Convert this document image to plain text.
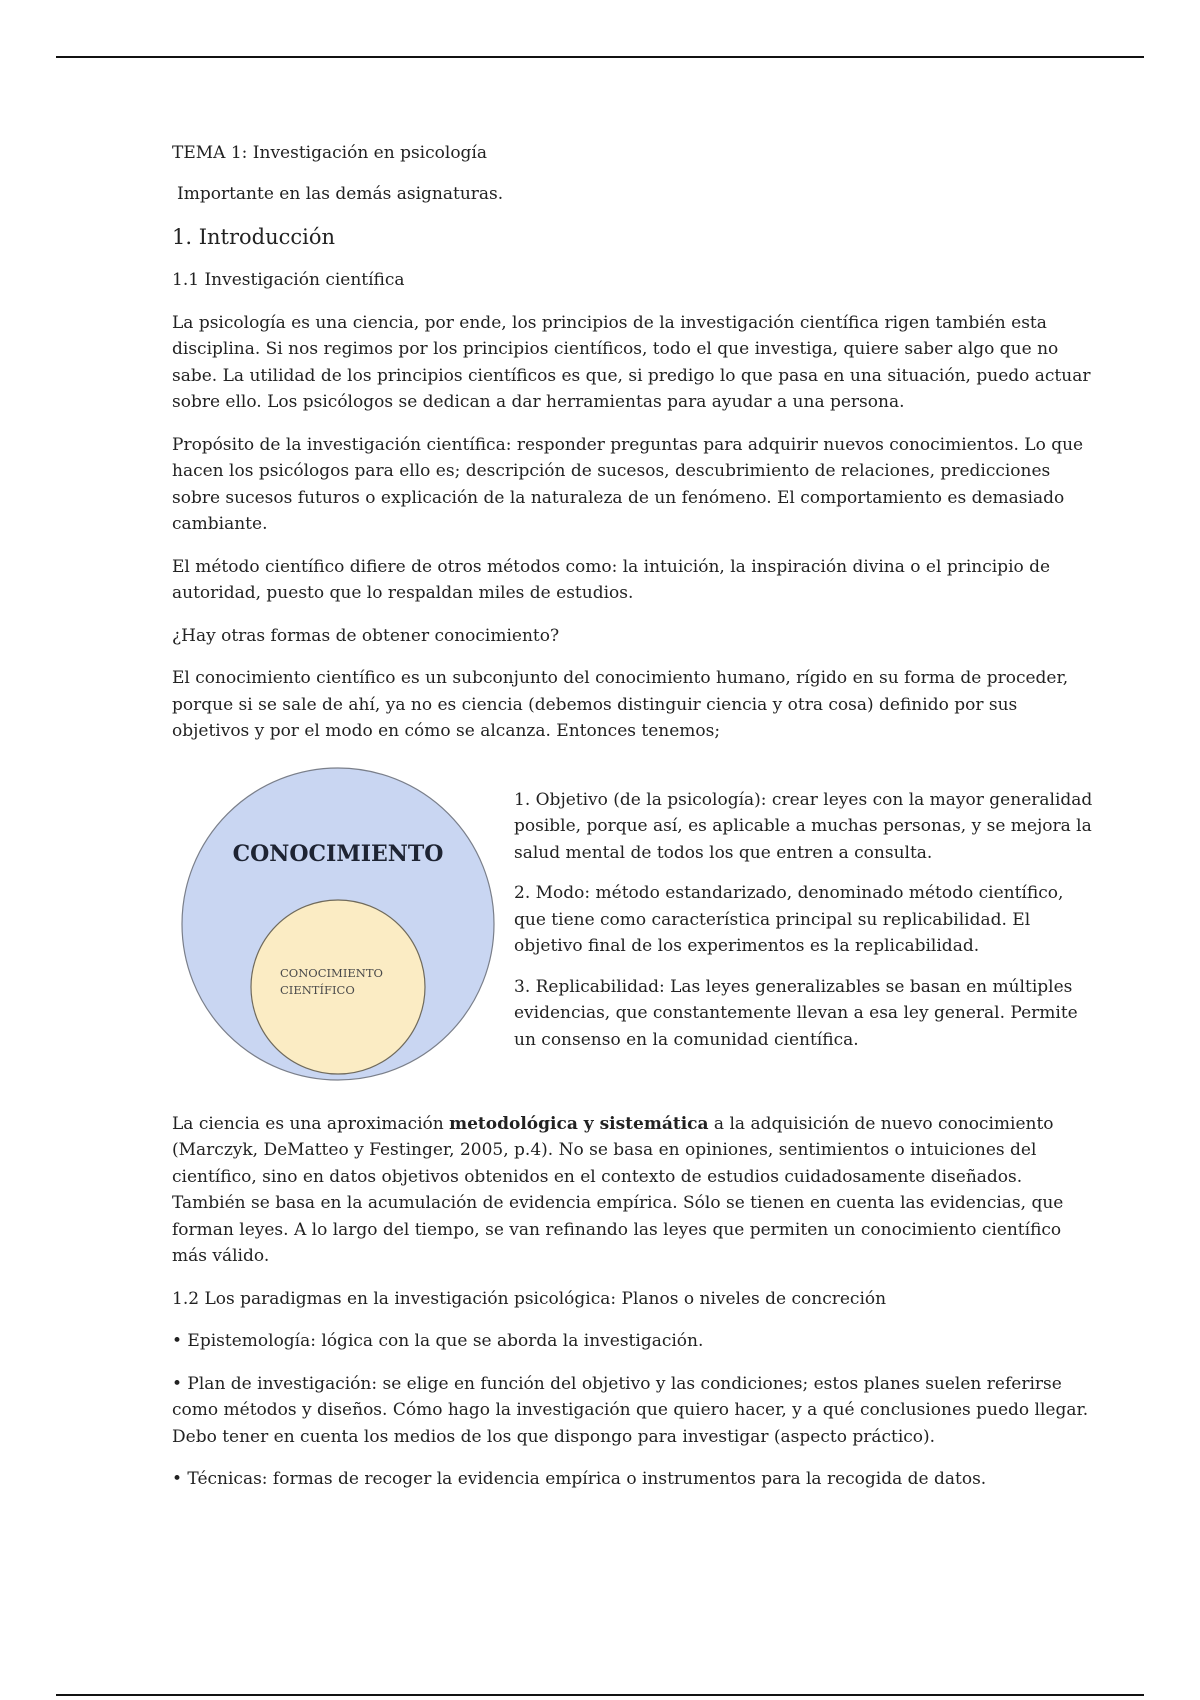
TEMA 1: Investigación en psicología

Importante en las demás asignaturas.

1. Introducción

1.1 Investigación científica

La psicología es una ciencia, por ende, los principios de la investigación científica rigen también esta disciplina. Si nos regimos por los principios científicos, todo el que investiga, quiere saber algo que no sabe. La utilidad de los principios científicos es que, si predigo lo que pasa en una situación, puedo actuar sobre ello. Los psicólogos se dedican a dar herramientas para ayudar a una persona.

Propósito de la investigación científica: responder preguntas para adquirir nuevos conocimientos. Lo que hacen los psicólogos para ello es; descripción de sucesos, descubrimiento de relaciones, predicciones sobre sucesos futuros o explicación de la naturaleza de un fenómeno. El comportamiento es demasiado cambiante.

El método científico difiere de otros métodos como: la intuición, la inspiración divina o el principio de autoridad, puesto que lo respaldan miles de estudios.

¿Hay otras formas de obtener conocimiento?

El conocimiento científico es un subconjunto del conocimiento humano, rígido en su forma de proceder, porque si se sale de ahí, ya no es ciencia (debemos distinguir ciencia y otra cosa) definido por sus objetivos y por el modo en cómo se alcanza. Entonces tenemos;

CONOCIMIENTO
CONOCIMIENTO
CIENTÍFICO

1. Objetivo (de la psicología): crear leyes con la mayor generalidad posible, porque así, es aplicable a muchas personas, y se mejora la salud mental de todos los que entren a consulta.

2. Modo: método estandarizado, denominado método científico, que tiene como característica principal su replicabilidad. El objetivo final de los experimentos es la replicabilidad.

3. Replicabilidad: Las leyes generalizables se basan en múltiples evidencias, que constantemente llevan a esa ley general. Permite un consenso en la comunidad científica.

La ciencia es una aproximación metodológica y sistemática a la adquisición de nuevo conocimiento (Marczyk, DeMatteo y Festinger, 2005, p.4). No se basa en opiniones, sentimientos o intuiciones del científico, sino en datos objetivos obtenidos en el contexto de estudios cuidadosamente diseñados. También se basa en la acumulación de evidencia empírica. Sólo se tienen en cuenta las evidencias, que forman leyes. A lo largo del tiempo, se van refinando las leyes que permiten un conocimiento científico más válido.

1.2 Los paradigmas en la investigación psicológica: Planos o niveles de concreción

• Epistemología: lógica con la que se aborda la investigación.

• Plan de investigación: se elige en función del objetivo y las condiciones; estos planes suelen referirse como métodos y diseños. Cómo hago la investigación que quiero hacer, y a qué conclusiones puedo llegar. Debo tener en cuenta los medios de los que dispongo para investigar (aspecto práctico).

• Técnicas: formas de recoger la evidencia empírica o instrumentos para la recogida de datos.
